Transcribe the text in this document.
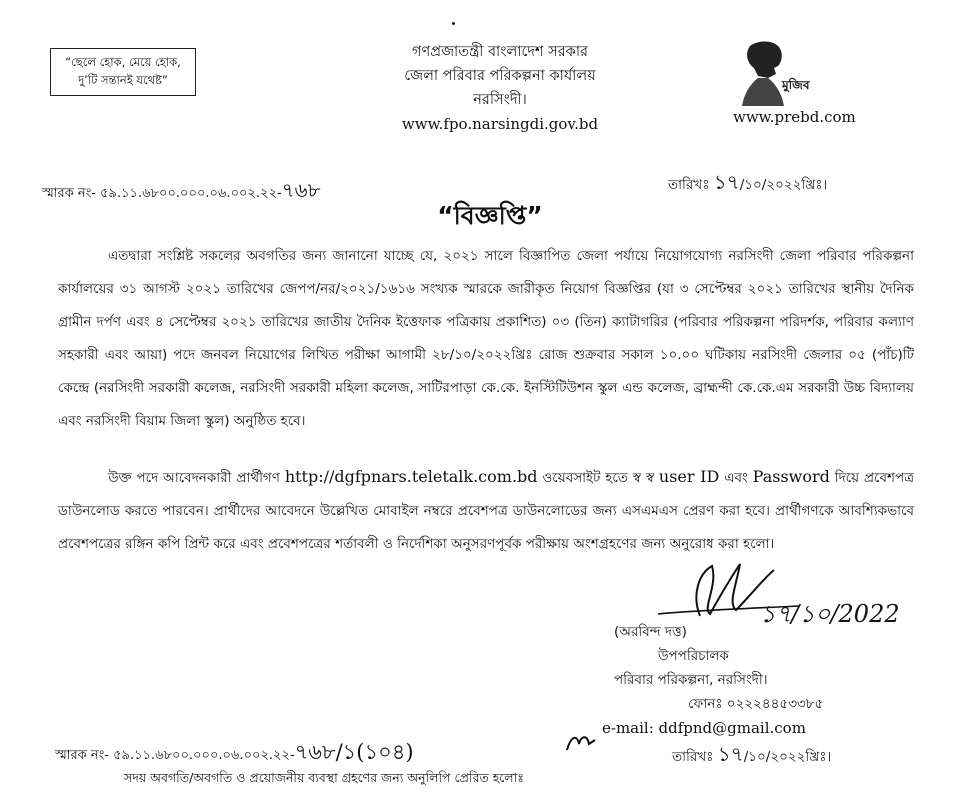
“ছেলে হোক, মেয়ে হোক,
দু’টি সন্তানই যথেষ্ট”
গণপ্রজাতন্ত্রী বাংলাদেশ সরকার
জেলা পরিবার পরিকল্পনা কার্যালয়
নরসিংদী।
www.fpo.narsingdi.gov.bd
মুজিব
www.prebd.com
স্মারক নং- ৫৯.১১.৬৮০০.০০০.০৬.০০২.২২-৭৬৮	তারিখঃ ১৭/১০/২০২২খ্রিঃ।
“বিজ্ঞপ্তি”
এতদ্বারা সংশ্লিষ্ট সকলের অবগতির জন্য জানানো যাচ্ছে যে, ২০২১ সালে বিজ্ঞাপিত জেলা পর্যায়ে নিয়োগযোগ্য নরসিংদী জেলা পরিবার পরিকল্পনা কার্যালয়ের ৩১ আগস্ট ২০২১ তারিখের জেপপ/নর/২০২১/১৬১৬ সংখ্যক স্মারকে জারীকৃত নিয়োগ বিজ্ঞপ্তির (যা ৩ সেপ্টেম্বর ২০২১ তারিখের স্থানীয় দৈনিক গ্রামীন দর্পণ এবং ৪ সেপ্টেম্বর ২০২১ তারিখের জাতীয় দৈনিক ইত্তেফাক পত্রিকায় প্রকাশিত) ০৩ (তিন) ক্যাটাগরির (পরিবার পরিকল্পনা পরিদর্শক, পরিবার কল্যাণ সহকারী এবং আয়া) পদে জনবল নিয়োগের লিখিত পরীক্ষা আগামী ২৮/১০/২০২২খ্রিঃ রোজ শুক্রবার সকাল ১০.০০ ঘটিকায় নরসিংদী জেলার ০৫ (পাঁচ)টি কেন্দ্রে (নরসিংদী সরকারী কলেজ, নরসিংদী সরকারী মহিলা কলেজ, সাটিরপাড়া কে.কে. ইনস্টিটিউশন স্কুল এন্ড কলেজ, ব্রাহ্মন্দী কে.কে.এম সরকারী উচ্চ বিদ্যালয় এবং নরসিংদী বিয়াম জিলা স্কুল) অনুষ্ঠিত হবে।
উক্ত পদে আবেদনকারী প্রার্থীগণ http://dgfpnars.teletalk.com.bd ওয়েবসাইট হতে স্ব স্ব user ID এবং Password দিয়ে প্রবেশপত্র ডাউনলোড করতে পারবেন। প্রার্থীদের আবেদনে উল্লেখিত মোবাইল নম্বরে প্রবেশপত্র ডাউনলোডের জন্য এসএমএস প্রেরণ করা হবে। প্রার্থীগণকে আবশ্যিকভাবে প্রবেশপত্রের রঙ্গিন কপি প্রিন্ট করে এবং প্রবেশপত্রের শর্তাবলী ও নির্দেশিকা অনুসরণপূর্বক পরীক্ষায় অংশগ্রহণের জন্য অনুরোধ করা হলো।
১৭/১০/2022
(অরবিন্দ দত্ত)
উপপরিচালক
পরিবার পরিকল্পনা, নরসিংদী।
ফোনঃ ০২২২৪৪৫৩৩৮৫
e-mail: ddfpnd@gmail.com
স্মারক নং- ৫৯.১১.৬৮০০.০০০.০৬.০০২.২২-৭৬৮/১(১০৪)	তারিখঃ ১৭/১০/২০২২খ্রিঃ।
সদয় অবগতি/অবগতি ও প্রয়োজনীয় ব্যবস্থা গ্রহণের জন্য অনুলিপি প্রেরিত হলোঃ
